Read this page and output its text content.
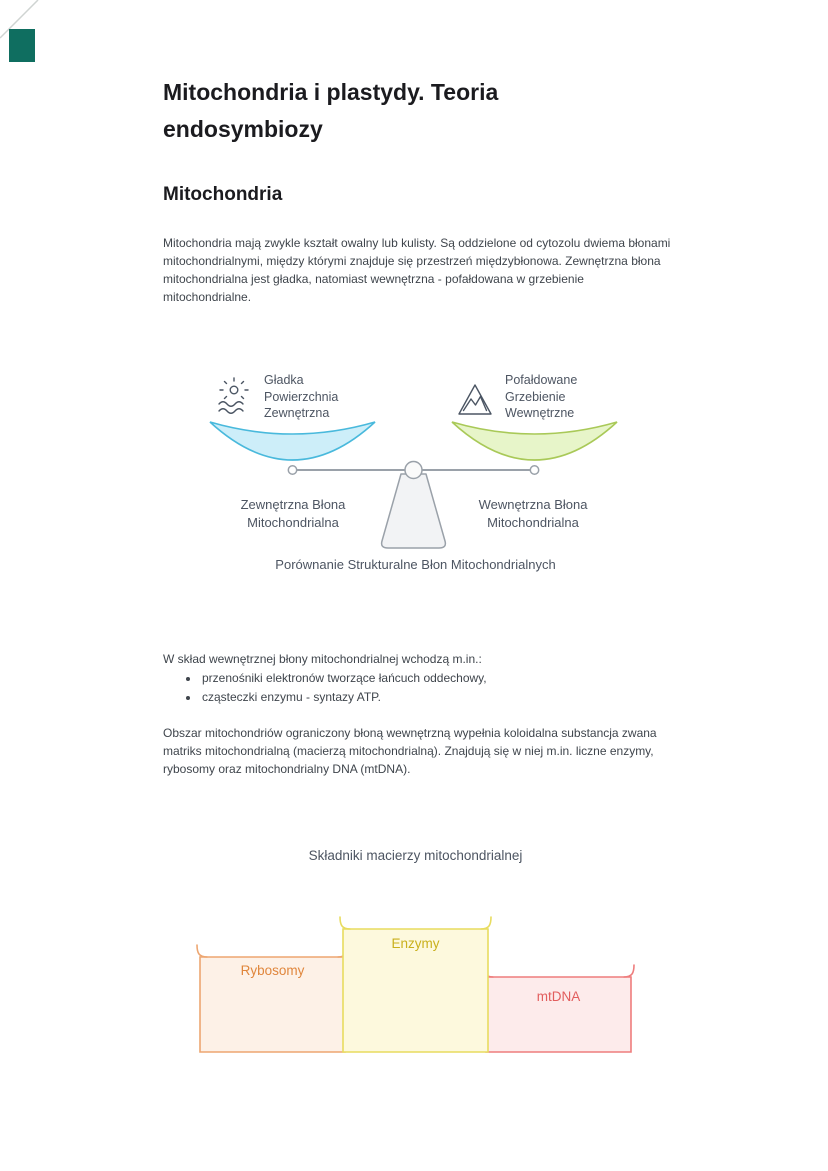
Mitochondria i plastydy. Teoria endosymbiozy
Mitochondria

Mitochondria mają zwykle kształt owalny lub kulisty. Są oddzielone od cytozolu dwiema błonami mitochondrialnymi, między którymi znajduje się przestrzeń międzybłonowa. Zewnętrzna błona mitochondrialna jest gładka, natomiast wewnętrzna - pofałdowana w grzebienie mitochondrialne.

Gładka
Powierzchnia
Zewnętrzna
Pofałdowane
Grzebienie
Wewnętrzne
Zewnętrzna Błona
Mitochondrialna
Wewnętrzna Błona
Mitochondrialna
Porównanie Strukturalne Błon Mitochondrialnych

W skład wewnętrznej błony mitochondrialnej wchodzą m.in.:

• przenośniki elektronów tworzące łańcuch oddechowy,
• cząsteczki enzymu - syntazy ATP.

Obszar mitochondriów ograniczony błoną wewnętrzną wypełnia koloidalna substancja zwana matriks mitochondrialną (macierzą mitochondrialną). Znajdują się w niej m.in. liczne enzymy, rybosomy oraz mitochondrialny DNA (mtDNA).

Składniki macierzy mitochondrialnej
Rybosomy
Enzymy
mtDNA
